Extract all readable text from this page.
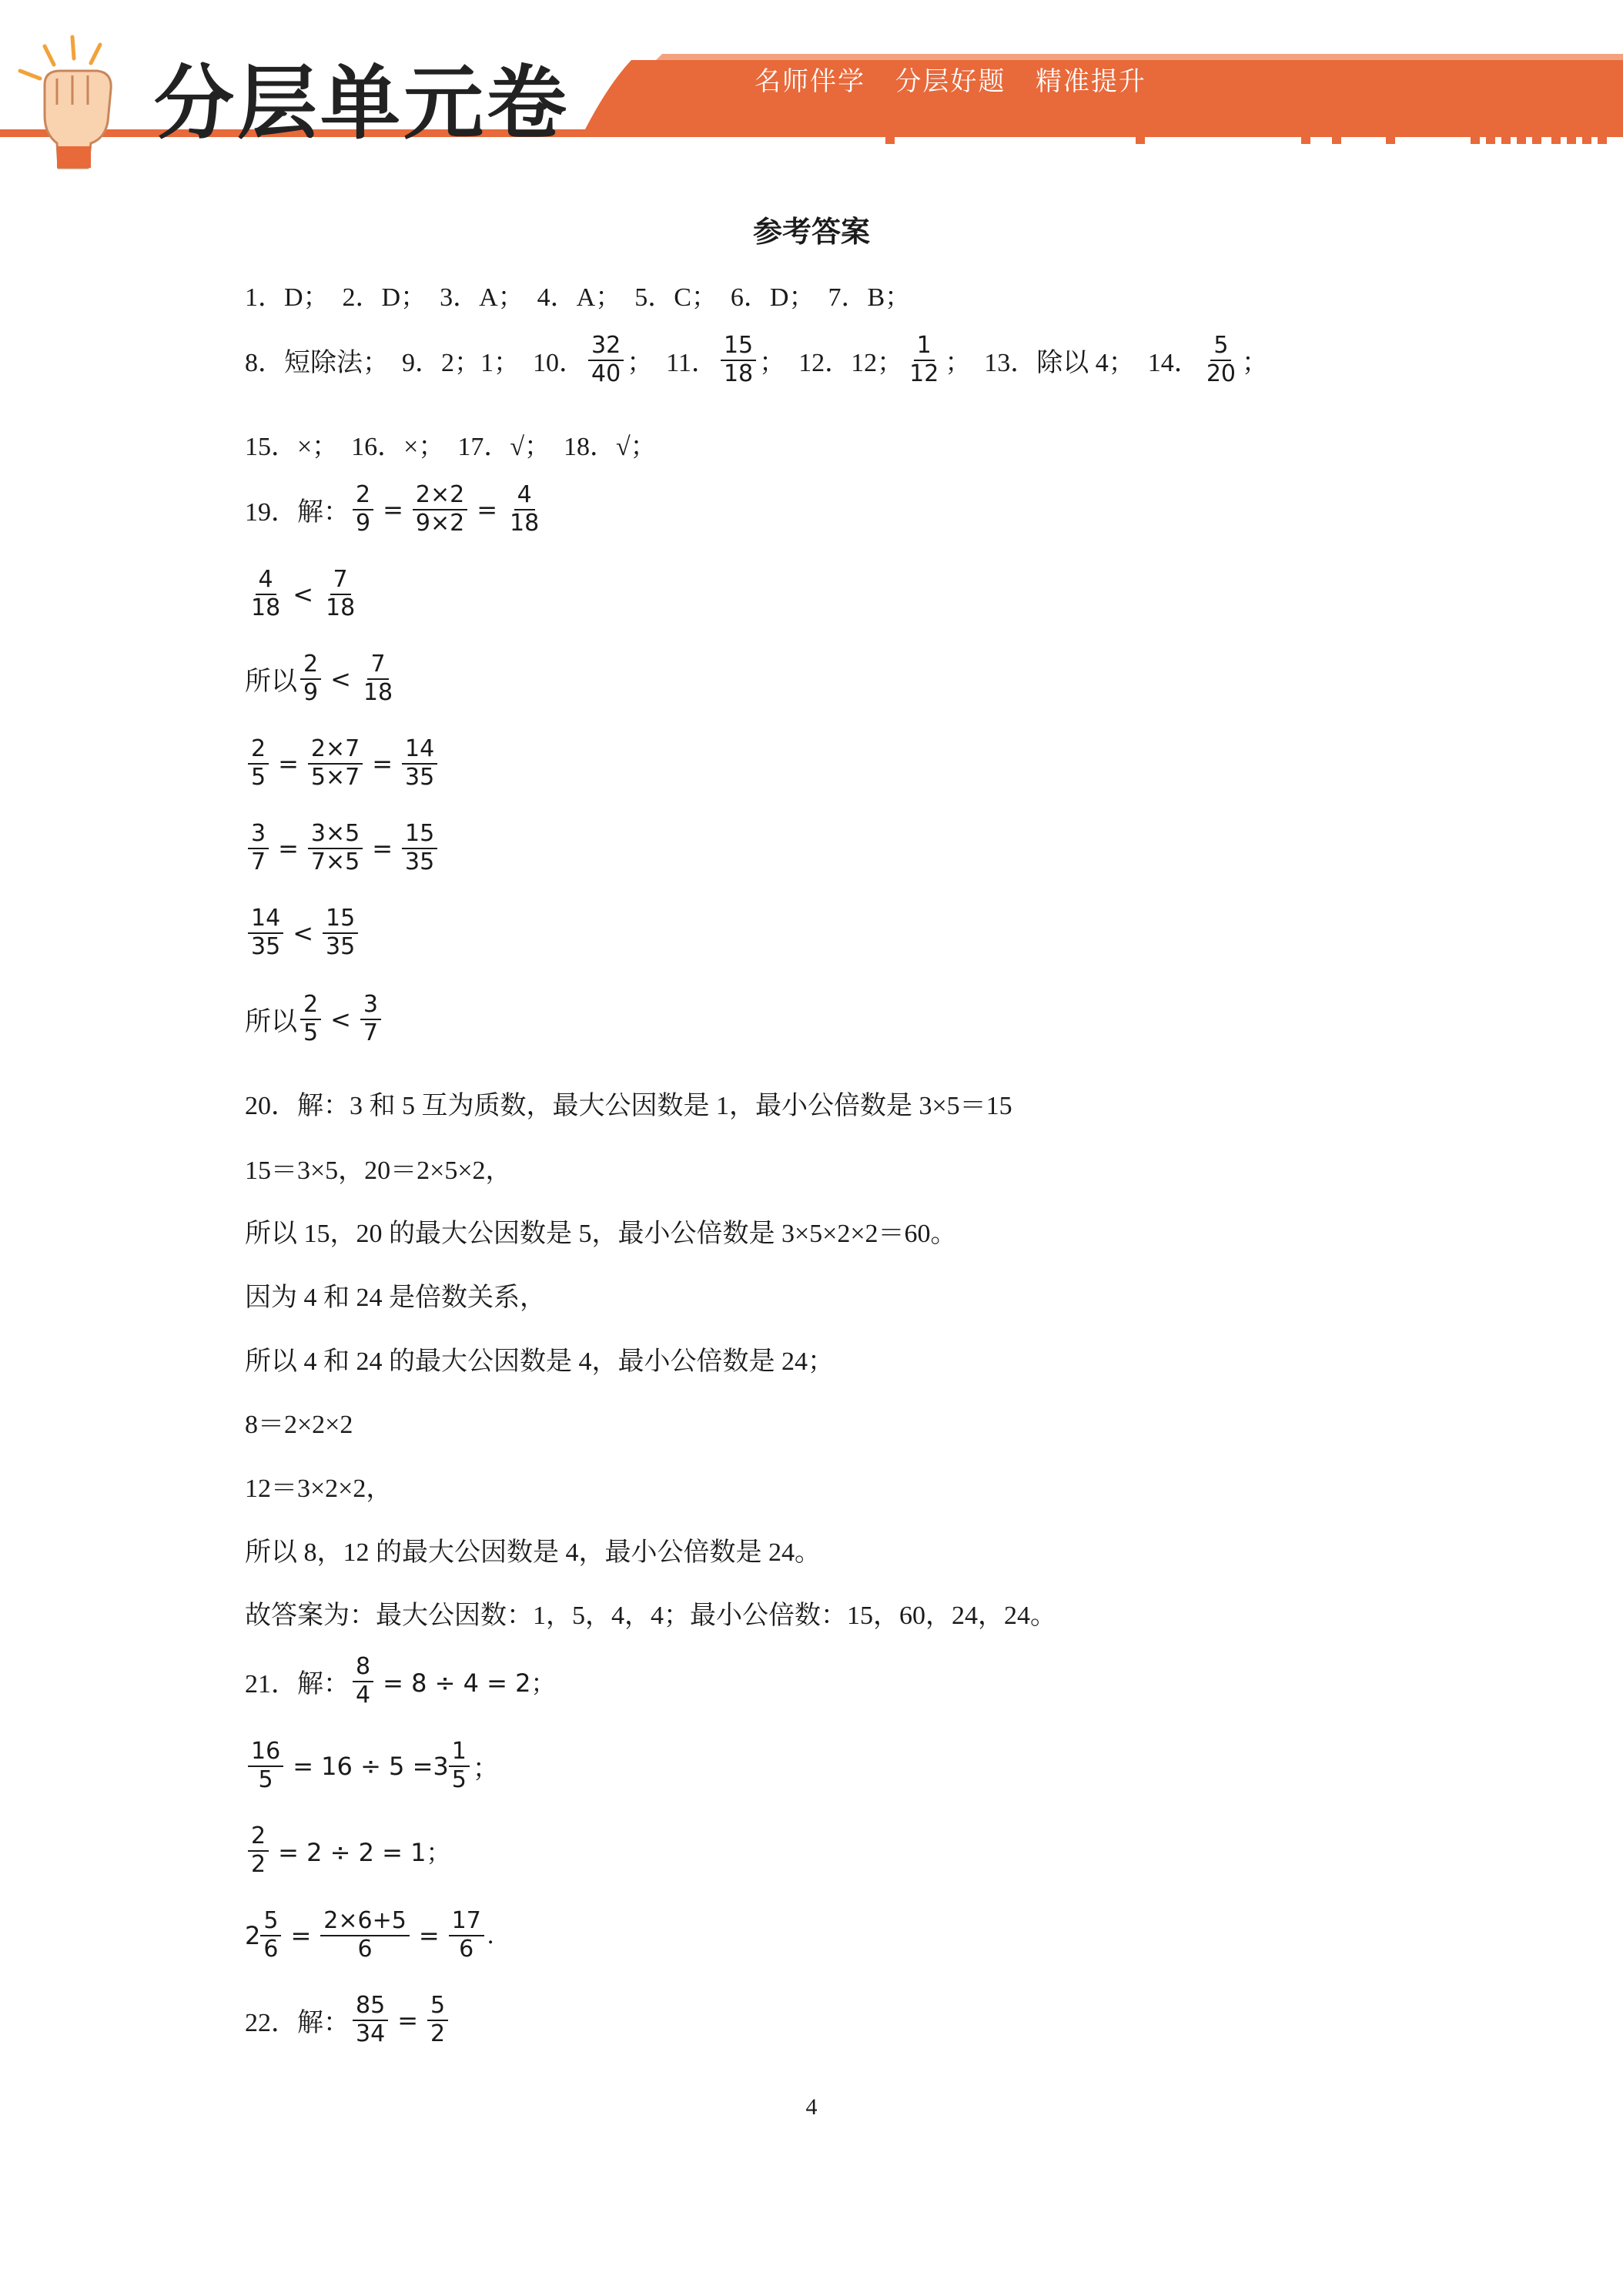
分层单元卷	名师伴学   分层好题   精准提升
参考答案
1．D；　2．D；　3．A；　4．A；　5．C；　6．D；　7．B；
8．短除法；　9．2；1；　10． $\frac{32}{40}$ ；　11． $\frac{15}{18}$ ；　12．12； $\frac{1}{12}$ ；　13．除以 4；　14． $\frac{5}{20}$ ；
15．×；　16．×；　17．√；　18．√；
19．解： $\frac{2}{9} = \frac{2\times 2}{9\times 2} = \frac{4}{18}$
$\frac{4}{18} < \frac{7}{18}$
所以 $\frac{2}{9} < \frac{7}{18}$
$\frac{2}{5} = \frac{2\times 7}{5\times 7} = \frac{14}{35}$
$\frac{3}{7} = \frac{3\times 5}{7\times 5} = \frac{15}{35}$
$\frac{14}{35} < \frac{15}{35}$
所以 $\frac{2}{5} < \frac{3}{7}$
20．解：3 和 5 互为质数，最大公因数是 1，最小公倍数是 3×5＝15
15＝3×5，20＝2×5×2，
所以 15，20 的最大公因数是 5，最小公倍数是 3×5×2×2＝60。
因为 4 和 24 是倍数关系，
所以 4 和 24 的最大公因数是 4，最小公倍数是 24；
8＝2×2×2
12＝3×2×2，
所以 8，12 的最大公因数是 4，最小公倍数是 24。
故答案为：最大公因数：1，5，4，4；最小公倍数：15，60，24，24。
21．解： $\frac{8}{4} = 8 \div 4 = 2$；
$\frac{16}{5} = 16 \div 5 =3 \frac{1}{5}$ ；
$\frac{2}{2} = 2 \div 2 = 1$；
$2 \frac{5}{6} = \frac{2\times 6+5}{6} = \frac{17}{6}$ .
22．解： $\frac{85}{34} = \frac{5}{2}$
4
